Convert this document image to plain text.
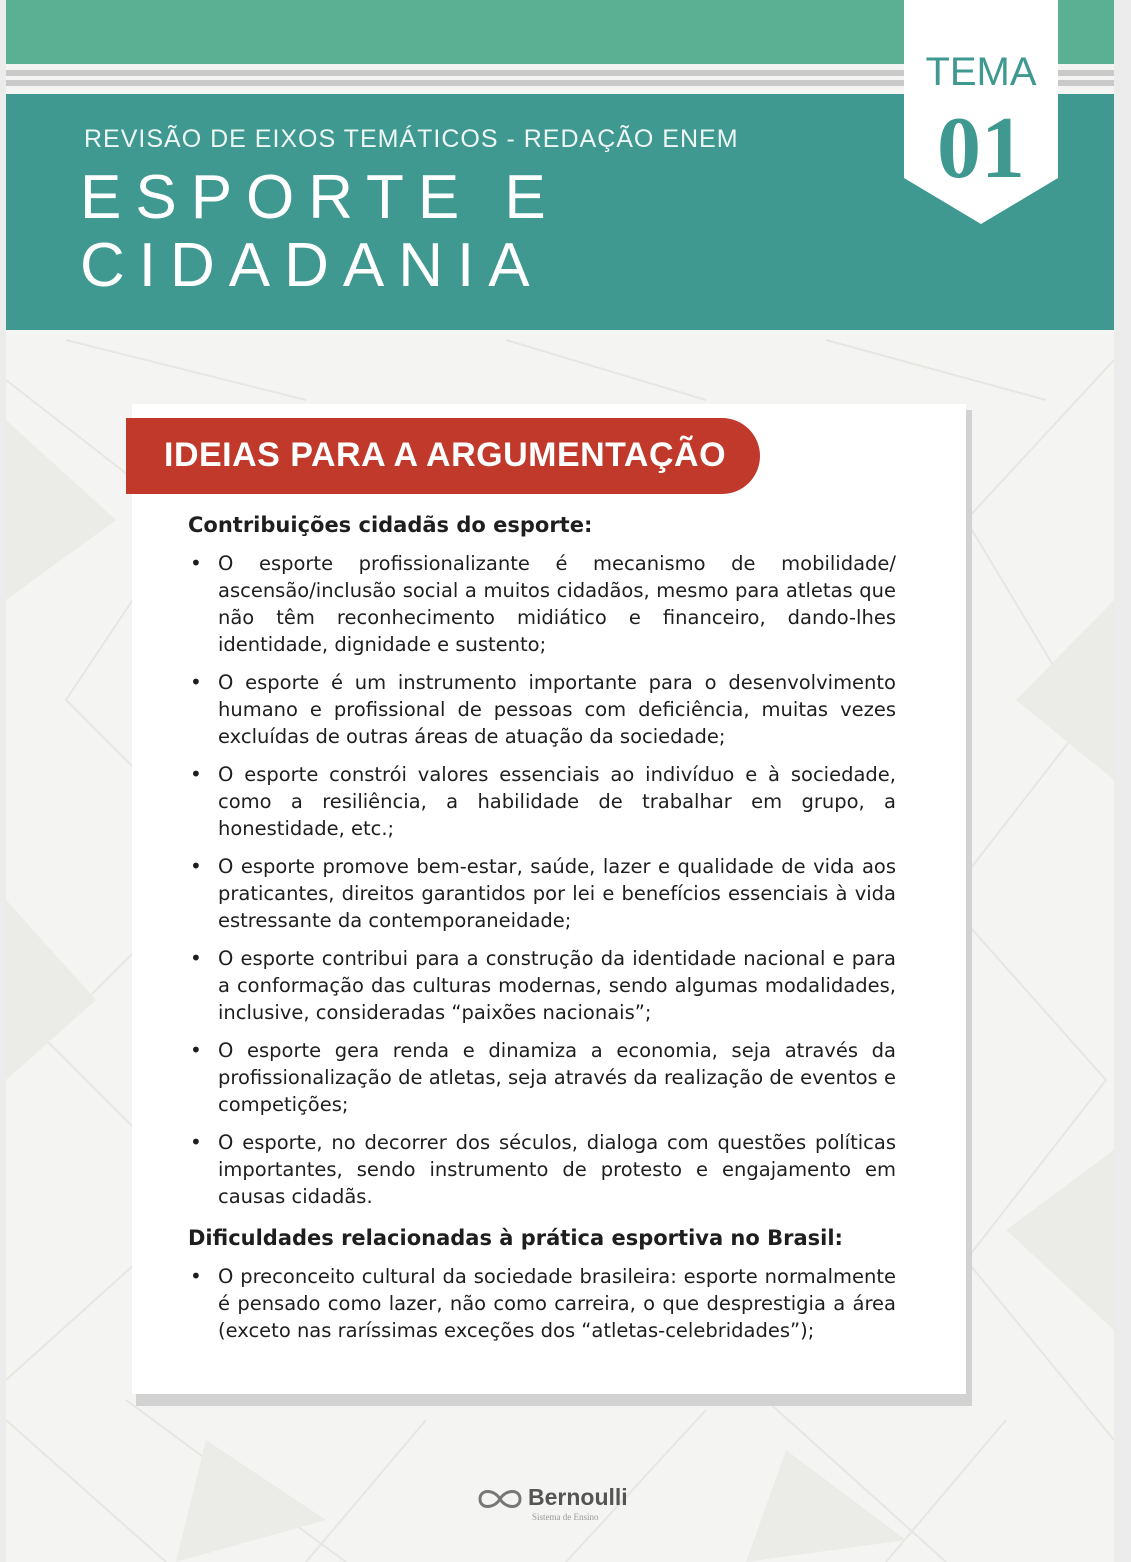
REVISÃO DE EIXOS TEMÁTICOS - REDAÇÃO ENEM
ESPORTE E
CIDADANIA
TEMA
01
IDEIAS PARA A ARGUMENTAÇÃO
Contribuições cidadãs do esporte:
• O esporte profissionalizante é mecanismo de mobilidade/ ascensão/inclusão social a muitos cidadãos, mesmo para atletas que não têm reconhecimento midiático e financeiro, dando-lhes identidade, dignidade e sustento;
• O esporte é um instrumento importante para o desenvolvimento humano e profissional de pessoas com deficiência, muitas vezes excluídas de outras áreas de atuação da sociedade;
• O esporte constrói valores essenciais ao indivíduo e à sociedade, como a resiliência, a habilidade de trabalhar em grupo, a honestidade, etc.;
• O esporte promove bem-estar, saúde, lazer e qualidade de vida aos praticantes, direitos garantidos por lei e benefícios essenciais à vida estressante da contemporaneidade;
• O esporte contribui para a construção da identidade nacional e para a conformação das culturas modernas, sendo algumas modalidades, inclusive, consideradas “paixões nacionais”;
• O esporte gera renda e dinamiza a economia, seja através da profissionalização de atletas, seja através da realização de eventos e competições;
• O esporte, no decorrer dos séculos, dialoga com questões políticas importantes, sendo instrumento de protesto e engajamento em causas cidadãs.
Dificuldades relacionadas à prática esportiva no Brasil:
• O preconceito cultural da sociedade brasileira: esporte normalmente é pensado como lazer, não como carreira, o que desprestigia a área (exceto nas raríssimas exceções dos “atletas-celebridades”);
Bernoulli
Sistema de Ensino
